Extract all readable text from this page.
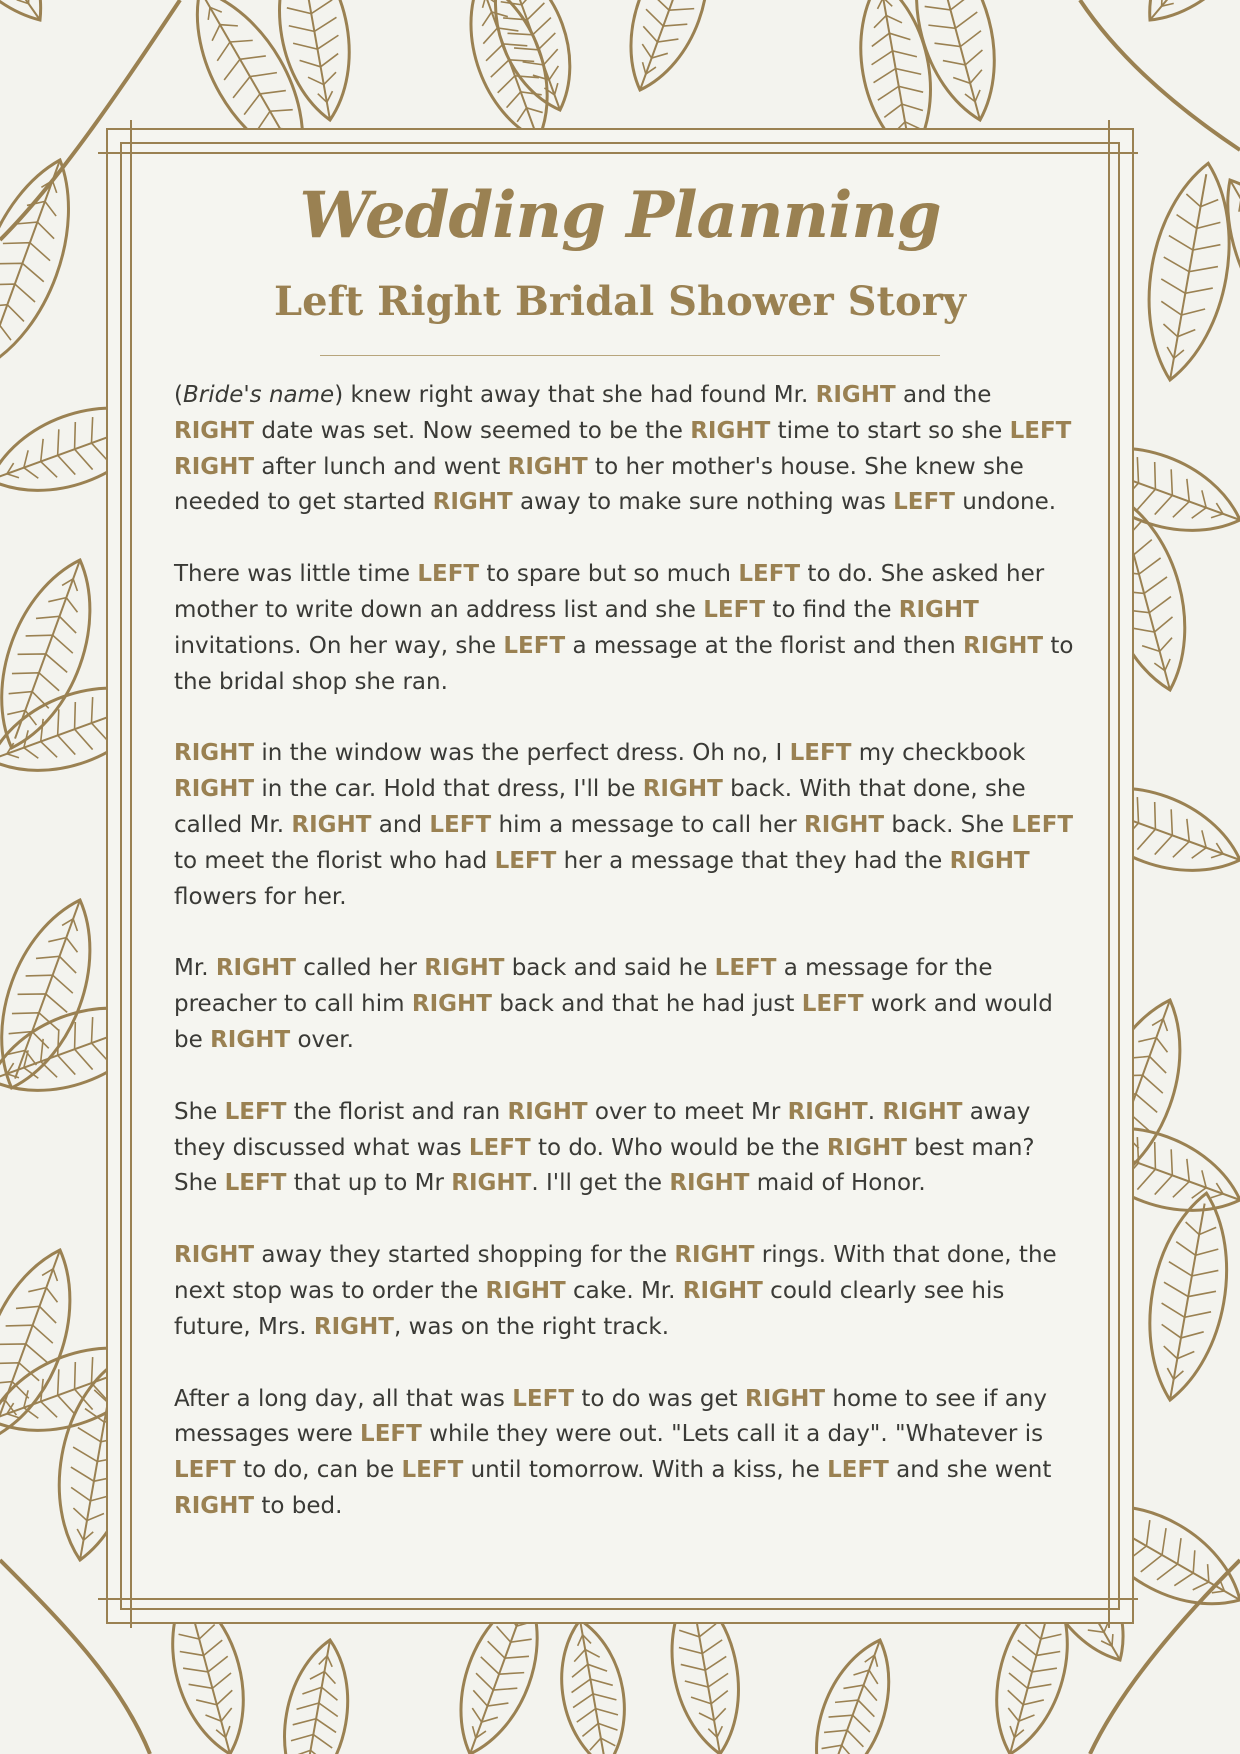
Wedding Planning
Left Right Bridal Shower Story

(Bride's name) knew right away that she had found Mr. RIGHT and the RIGHT date was set. Now seemed to be the RIGHT time to start so she LEFT RIGHT after lunch and went RIGHT to her mother's house. She knew she needed to get started RIGHT away to make sure nothing was LEFT undone.

There was little time LEFT to spare but so much LEFT to do. She asked her mother to write down an address list and she LEFT to find the RIGHT invitations. On her way, she LEFT a message at the florist and then RIGHT to the bridal shop she ran.

RIGHT in the window was the perfect dress. Oh no, I LEFT my checkbook RIGHT in the car. Hold that dress, I'll be RIGHT back. With that done, she called Mr. RIGHT and LEFT him a message to call her RIGHT back. She LEFT to meet the florist who had LEFT her a message that they had the RIGHT flowers for her.

Mr. RIGHT called her RIGHT back and said he LEFT a message for the preacher to call him RIGHT back and that he had just LEFT work and would be RIGHT over.

She LEFT the florist and ran RIGHT over to meet Mr RIGHT. RIGHT away they discussed what was LEFT to do. Who would be the RIGHT best man? She LEFT that up to Mr RIGHT. I'll get the RIGHT maid of Honor.

RIGHT away they started shopping for the RIGHT rings. With that done, the next stop was to order the RIGHT cake. Mr. RIGHT could clearly see his future, Mrs. RIGHT, was on the right track.

After a long day, all that was LEFT to do was get RIGHT home to see if any messages were LEFT while they were out. "Lets call it a day". "Whatever is LEFT to do, can be LEFT until tomorrow. With a kiss, he LEFT and she went RIGHT to bed.
